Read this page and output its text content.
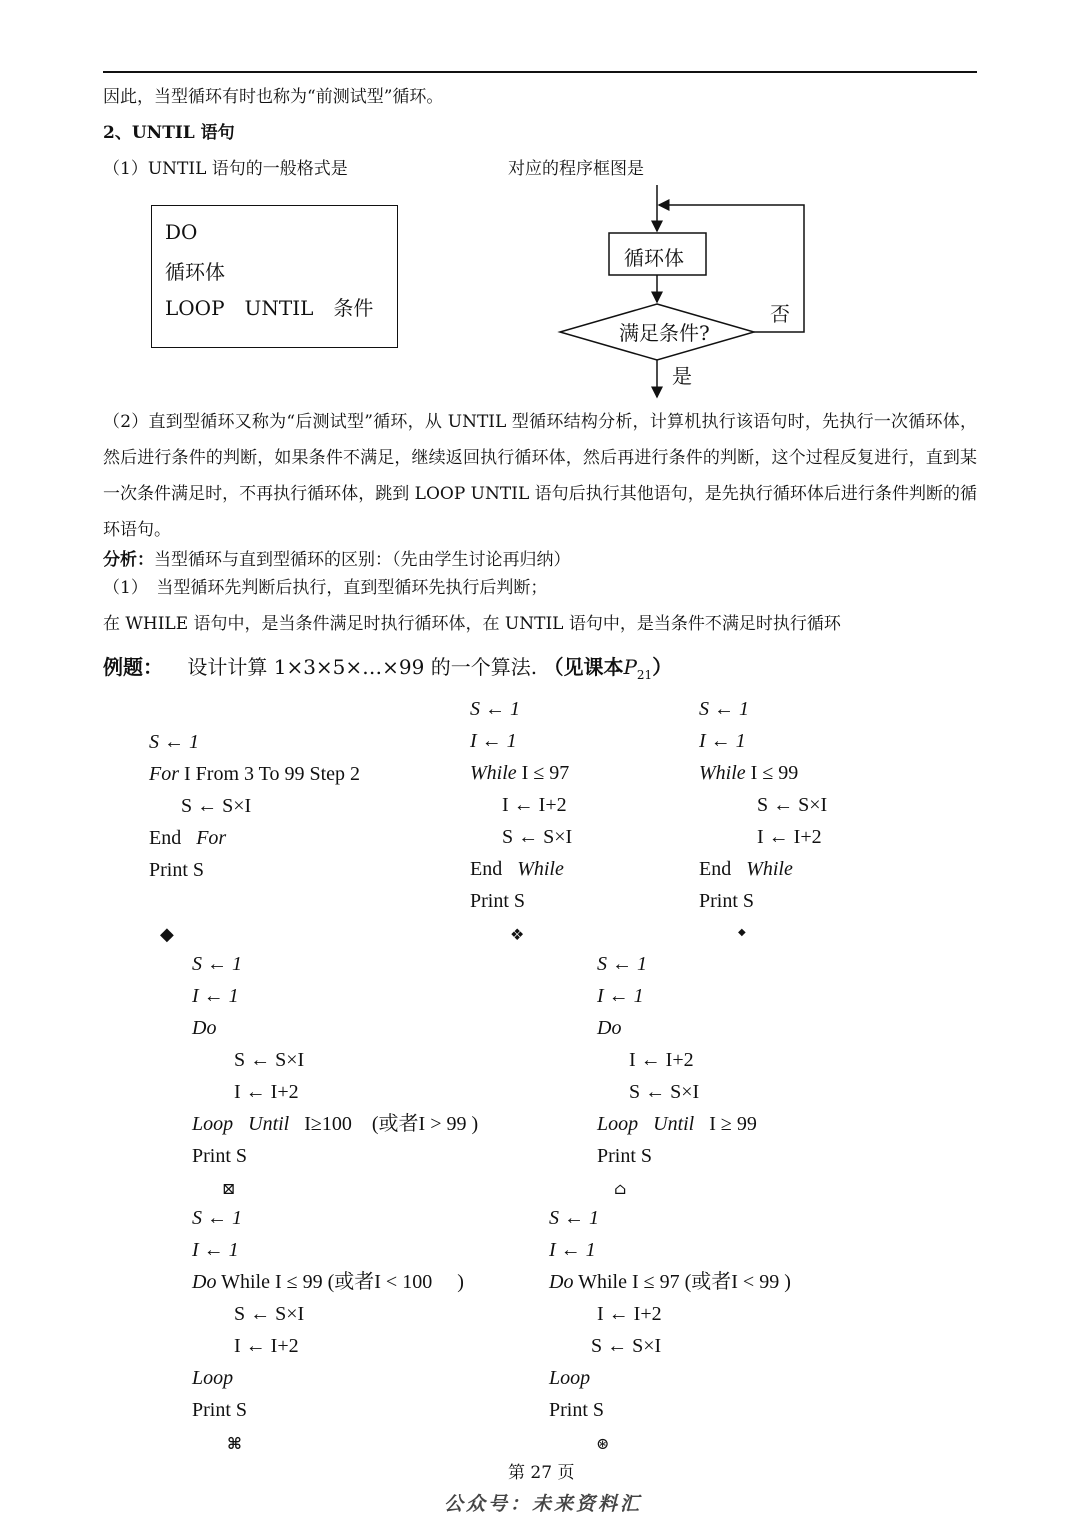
因此，当型循环有时也称为“前测试型”循环。
2、UNTIL 语句
（1）UNTIL 语句的一般格式是	对应的程序框图是
DO
循环体
LOOP　UNTIL　条件
循环体
满足条件?
否
是
（2）直到型循环又称为“后测试型”循环，从 UNTIL 型循环结构分析，计算机执行该语句时，先执行一次循环体，然后进行条件的判断，如果条件不满足，继续返回执行循环体，然后再进行条件的判断，这个过程反复进行，直到某一次条件满足时，不再执行循环体，跳到 LOOP UNTIL 语句后执行其他语句，是先执行循环体后进行条件判断的循环语句。
分析：当型循环与直到型循环的区别：（先由学生讨论再归纳）
（1）　当型循环先判断后执行，直到型循环先执行后判断；
在 WHILE 语句中，是当条件满足时执行循环体，在 UNTIL 语句中，是当条件不满足时执行循环
例题： 设计计算 1×3×5×…×99 的一个算法. （见课本$P_{21}$）
S ← 1
For I From 3 To 99 Step 2
S ← S×I
End For
Print S
S ← 1
I ← 1
While I ≤ 97
I ← I+2
S ← S×I
End While
Print S
S ← 1
I ← 1
While I ≤ 99
S ← S×I
I ← I+2
End While
Print S
◆	❖	◆
S ← 1
I ← 1
Do
S ← S×I
I ← I+2
Loop Until I≥100　(或者I > 99 )
Print S
S ← 1
I ← 1
Do
I ← I+2
S ← S×I
Loop Until I ≥ 99
Print S
⊠	⌂
S ← 1
I ← 1
Do While I ≤ 99 (或者I < 100　 )
S ← S×I
I ← I+2
Loop
Print S
S ← 1
I ← 1
Do While I ≤ 97 (或者I < 99 )
I ← I+2
S ← S×I
Loop
Print S
⌘	⊛
第 27 页
公众号：未来资料汇
